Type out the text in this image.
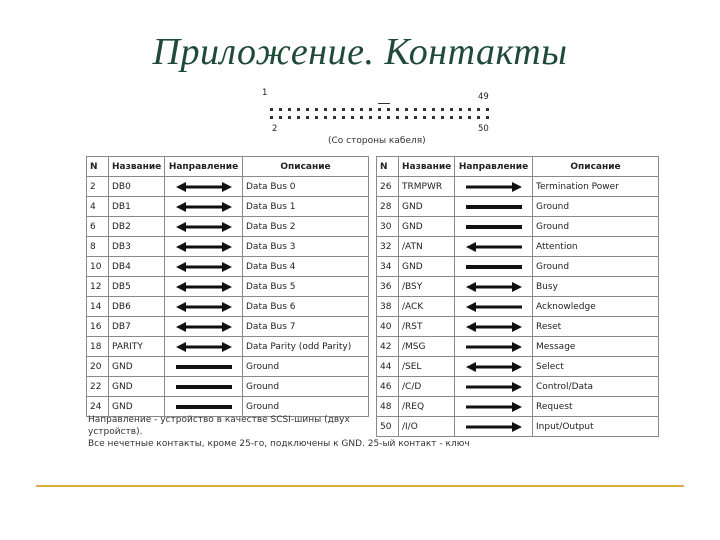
Приложение. Контакты
1	49
2	50
(Со стороны кабеля)
N	Название	Направление	Описание
2	DB0		Data Bus 0
4	DB1		Data Bus 1
6	DB2		Data Bus 2
8	DB3		Data Bus 3
10	DB4		Data Bus 4
12	DB5		Data Bus 5
14	DB6		Data Bus 6
16	DB7		Data Bus 7
18	PARITY		Data Parity (odd Parity)
20	GND		Ground
22	GND		Ground
24	GND		Ground
N	Название	Направление	Описание
26	TRMPWR		Termination Power
28	GND		Ground
30	GND		Ground
32	/ATN		Attention
34	GND		Ground
36	/BSY		Busy
38	/ACK		Acknowledge
40	/RST		Reset
42	/MSG		Message
44	/SEL		Select
46	/C/D		Control/Data
48	/REQ		Request
50	/I/O		Input/Output
Направление - устройство в качестве SCSI-шины (двух
устройств).
Все нечетные контакты, кроме 25-го, подключены к GND. 25-ый контакт - ключ
